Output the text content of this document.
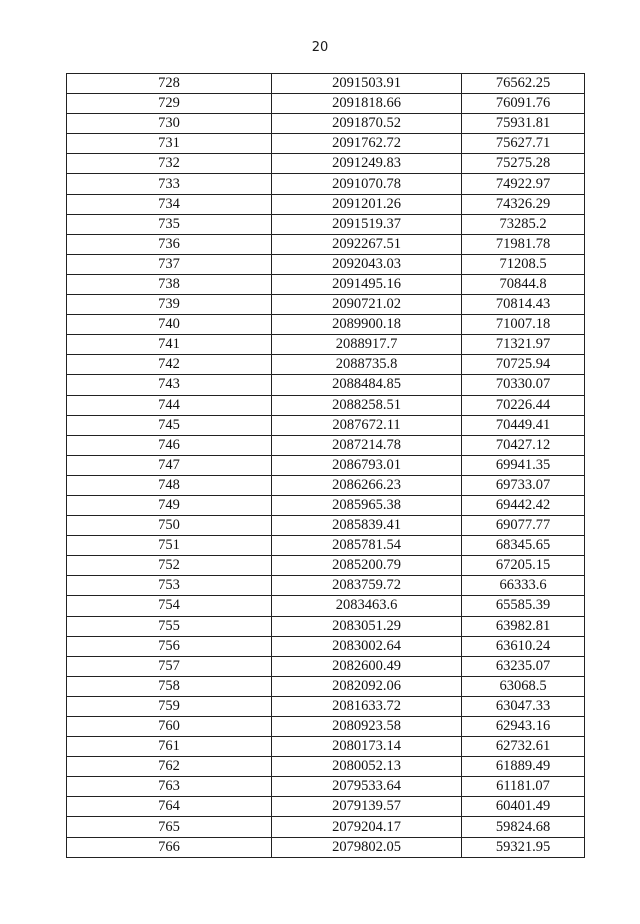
20
728	2091503.91	76562.25
729	2091818.66	76091.76
730	2091870.52	75931.81
731	2091762.72	75627.71
732	2091249.83	75275.28
733	2091070.78	74922.97
734	2091201.26	74326.29
735	2091519.37	73285.2
736	2092267.51	71981.78
737	2092043.03	71208.5
738	2091495.16	70844.8
739	2090721.02	70814.43
740	2089900.18	71007.18
741	2088917.7	71321.97
742	2088735.8	70725.94
743	2088484.85	70330.07
744	2088258.51	70226.44
745	2087672.11	70449.41
746	2087214.78	70427.12
747	2086793.01	69941.35
748	2086266.23	69733.07
749	2085965.38	69442.42
750	2085839.41	69077.77
751	2085781.54	68345.65
752	2085200.79	67205.15
753	2083759.72	66333.6
754	2083463.6	65585.39
755	2083051.29	63982.81
756	2083002.64	63610.24
757	2082600.49	63235.07
758	2082092.06	63068.5
759	2081633.72	63047.33
760	2080923.58	62943.16
761	2080173.14	62732.61
762	2080052.13	61889.49
763	2079533.64	61181.07
764	2079139.57	60401.49
765	2079204.17	59824.68
766	2079802.05	59321.95
